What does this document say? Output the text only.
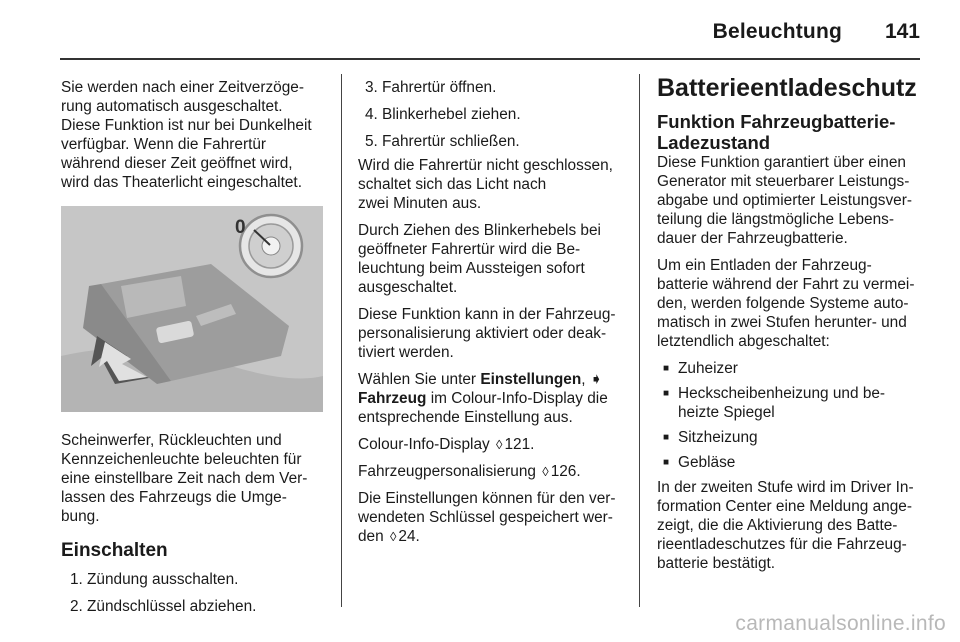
Beleuchtung 141

Sie werden nach einer Zeitverzöge-
rung automatisch ausgeschaltet.
Diese Funktion ist nur bei Dunkelheit
verfügbar. Wenn die Fahrertür
während dieser Zeit geöffnet wird,
wird das Theaterlicht eingeschaltet.

0

Scheinwerfer, Rückleuchten und
Kennzeichenleuchte beleuchten für
eine einstellbare Zeit nach dem Ver-
lassen des Fahrzeugs die Umge-
bung.

Einschalten
1. Zündung ausschalten.
2. Zündschlüssel abziehen.
3. Fahrertür öffnen.
4. Blinkerhebel ziehen.
5. Fahrertür schließen.

Wird die Fahrertür nicht geschlossen,
schaltet sich das Licht nach
zwei Minuten aus.

Durch Ziehen des Blinkerhebels bei
geöffneter Fahrertür wird die Be-
leuchtung beim Aussteigen sofort
ausgeschaltet.

Diese Funktion kann in der Fahrzeug-
personalisierung aktiviert oder deak-
tiviert werden.

Wählen Sie unter Einstellungen, ➧
Fahrzeug im Colour-Info-Display die
entsprechende Einstellung aus.

Colour-Info-Display ◊ 121.

Fahrzeugpersonalisierung ◊ 126.

Die Einstellungen können für den ver-
wendeten Schlüssel gespeichert wer-
den ◊ 24.

Batterieentladeschutz
Funktion Fahrzeugbatterie-
Ladezustand

Diese Funktion garantiert über einen
Generator mit steuerbarer Leistungs-
abgabe und optimierter Leistungsver-
teilung die längstmögliche Lebens-
dauer der Fahrzeugbatterie.

Um ein Entladen der Fahrzeug-
batterie während der Fahrt zu vermei-
den, werden folgende Systeme auto-
matisch in zwei Stufen herunter- und
letztendlich abgeschaltet:

■ Zuheizer
■ Heckscheibenheizung und be-
heizte Spiegel
■ Sitzheizung
■ Gebläse

In der zweiten Stufe wird im Driver In-
formation Center eine Meldung ange-
zeigt, die die Aktivierung des Batte-
rieentladeschutzes für die Fahrzeug-
batterie bestätigt.

carmanualsonline.info
